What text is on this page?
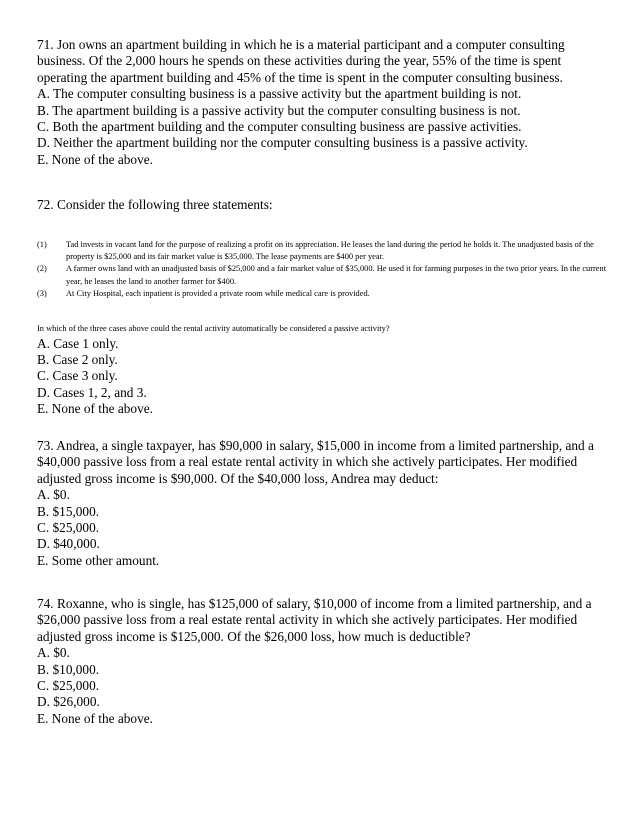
71. Jon owns an apartment building in which he is a material participant and a computer consulting business. Of the 2,000 hours he spends on these activities during the year, 55% of the time is spent operating the apartment building and 45% of the time is spent in the computer consulting business.

A. The computer consulting business is a passive activity but the apartment building is not.

B. The apartment building is a passive activity but the computer consulting business is not.

C. Both the apartment building and the computer consulting business are passive activities.

D. Neither the apartment building nor the computer consulting business is a passive activity.

E. None of the above.

72. Consider the following three statements:

(1)	Tad invests in vacant land for the purpose of realizing a profit on its appreciation. He leases the land during the period he holds it. The unadjusted basis of the property is $25,000 and its fair market value is $35,000. The lease payments are $400 per year.
(2)	A farmer owns land with an unadjusted basis of $25,000 and a fair market value of $35,000. He used it for farming purposes in the two prior years. In the current year, he leases the land to another farmer for $400.
(3)	At City Hospital, each inpatient is provided a private room while medical care is provided.

In which of the three cases above could the rental activity automatically be considered a passive activity?

A. Case 1 only.

B. Case 2 only.

C. Case 3 only.

D. Cases 1, 2, and 3.

E. None of the above.

73. Andrea, a single taxpayer, has $90,000 in salary, $15,000 in income from a limited partnership, and a $40,000 passive loss from a real estate rental activity in which she actively participates. Her modified adjusted gross income is $90,000. Of the $40,000 loss, Andrea may deduct:

A. $0.

B. $15,000.

C. $25,000.

D. $40,000.

E. Some other amount.

74. Roxanne, who is single, has $125,000 of salary, $10,000 of income from a limited partnership, and a $26,000 passive loss from a real estate rental activity in which she actively participates. Her modified adjusted gross income is $125,000. Of the $26,000 loss, how much is deductible?

A. $0.

B. $10,000.

C. $25,000.

D. $26,000.

E. None of the above.
